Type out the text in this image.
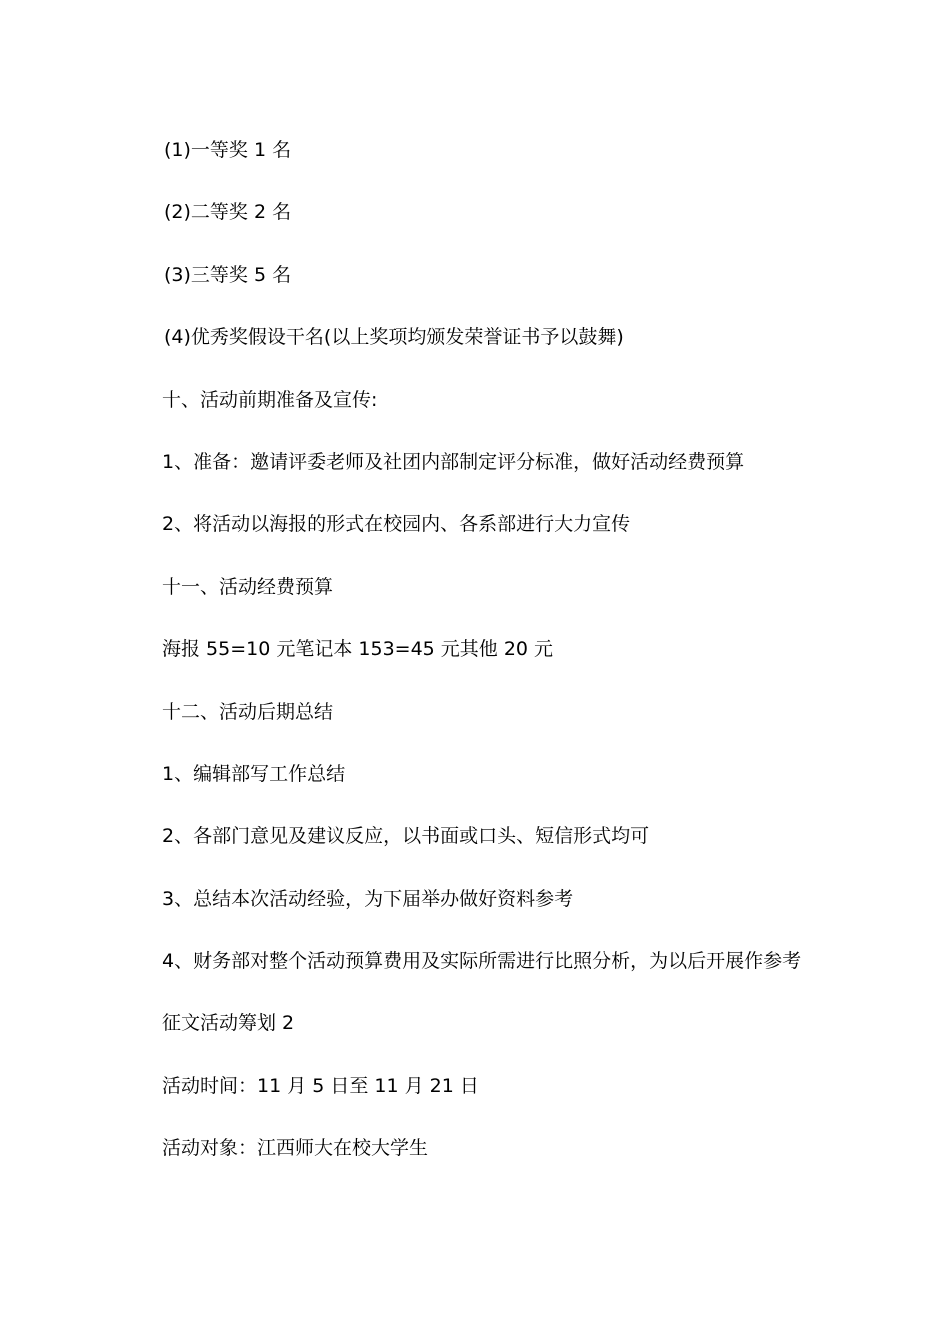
(1)一等奖 1 名
(2)二等奖 2 名
(3)三等奖 5 名
(4)优秀奖假设干名(以上奖项均颁发荣誉证书予以鼓舞)
十、活动前期准备及宣传:
1、准备：邀请评委老师及社团内部制定评分标准，做好活动经费预算
2、将活动以海报的形式在校园内、各系部进行大力宣传
十一、活动经费预算
海报 55=10 元笔记本 153=45 元其他 20 元
十二、活动后期总结
1、编辑部写工作总结
2、各部门意见及建议反应，以书面或口头、短信形式均可
3、总结本次活动经验，为下届举办做好资料参考
4、财务部对整个活动预算费用及实际所需进行比照分析，为以后开展作参考
征文活动筹划 2
活动时间：11 月 5 日至 11 月 21 日
活动对象：江西师大在校大学生
